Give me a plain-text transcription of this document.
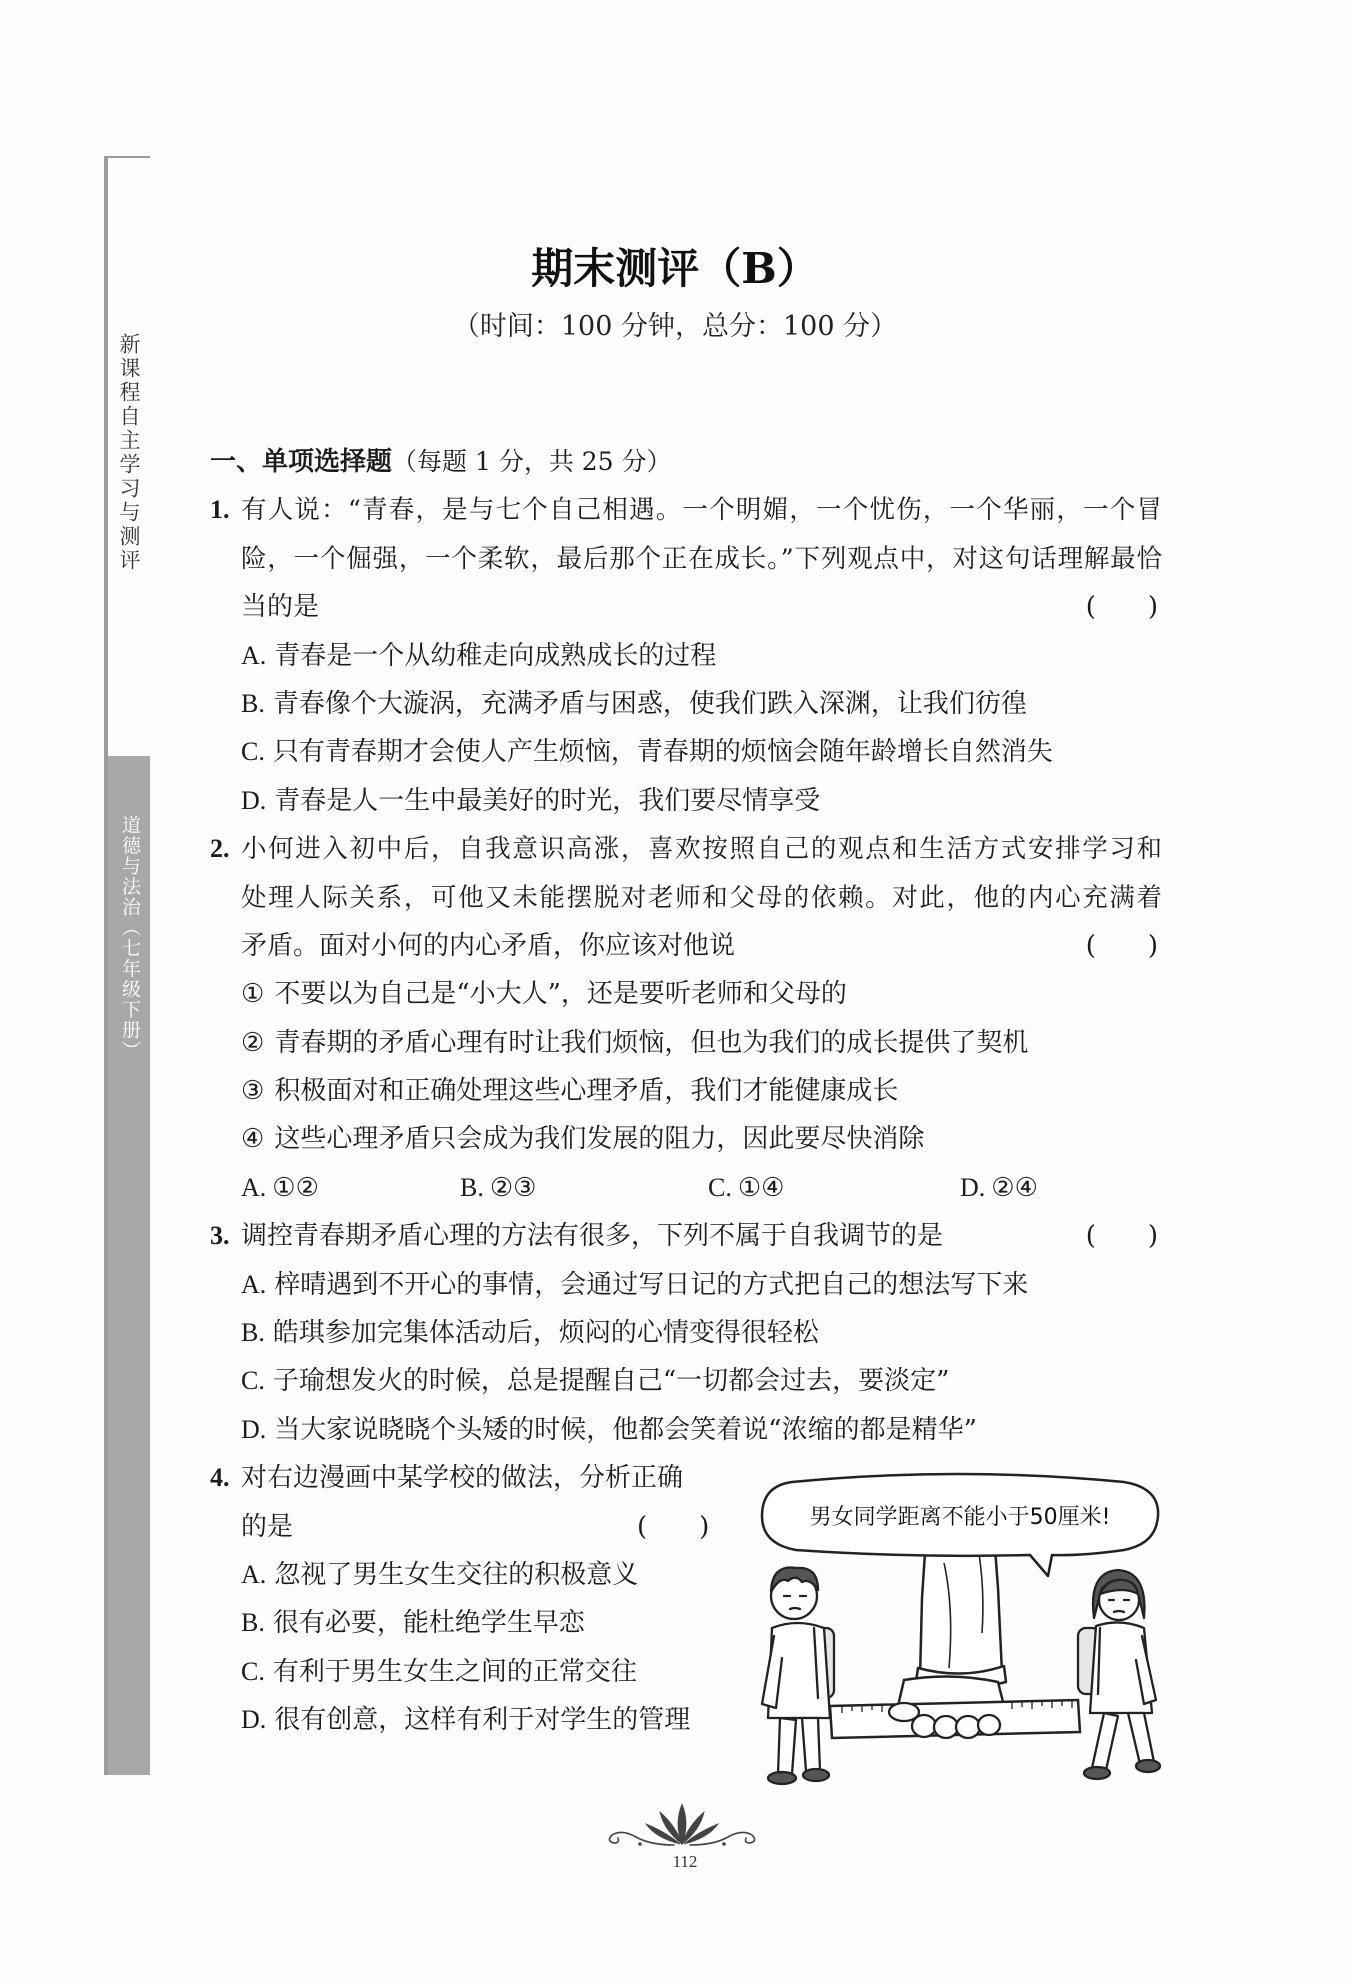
新课程自主学习与测评
道德与法治（七年级下册）
期末测评（B）
（时间：100 分钟，总分：100 分）
一、单项选择题（每题 1 分，共 25 分）
1. 有人说：“青春，是与七个自己相遇。一个明媚，一个忧伤，一个华丽，一个冒
险，一个倔强，一个柔软，最后那个正在成长。”下列观点中，对这句话理解最恰
当的是	(　　)
A. 青春是一个从幼稚走向成熟成长的过程
B. 青春像个大漩涡，充满矛盾与困惑，使我们跌入深渊，让我们彷徨
C. 只有青春期才会使人产生烦恼，青春期的烦恼会随年龄增长自然消失
D. 青春是人一生中最美好的时光，我们要尽情享受
2. 小何进入初中后，自我意识高涨，喜欢按照自己的观点和生活方式安排学习和
处理人际关系，可他又未能摆脱对老师和父母的依赖。对此，他的内心充满着
矛盾。面对小何的内心矛盾，你应该对他说	(　　)
① 不要以为自己是“小大人”，还是要听老师和父母的
② 青春期的矛盾心理有时让我们烦恼，但也为我们的成长提供了契机
③ 积极面对和正确处理这些心理矛盾，我们才能健康成长
④ 这些心理矛盾只会成为我们发展的阻力，因此要尽快消除
A. ①②	B. ②③	C. ①④	D. ②④
3. 调控青春期矛盾心理的方法有很多，下列不属于自我调节的是	(　　)
A. 梓晴遇到不开心的事情，会通过写日记的方式把自己的想法写下来
B. 皓琪参加完集体活动后，烦闷的心情变得很轻松
C. 子瑜想发火的时候，总是提醒自己“一切都会过去，要淡定”
D. 当大家说晓晓个头矮的时候，他都会笑着说“浓缩的都是精华”
4. 对右边漫画中某学校的做法，分析正确
的是	(　　)
A. 忽视了男生女生交往的积极意义
B. 很有必要，能杜绝学生早恋
C. 有利于男生女生之间的正常交往
D. 很有创意，这样有利于对学生的管理
男女同学距离不能小于50厘米!
112
